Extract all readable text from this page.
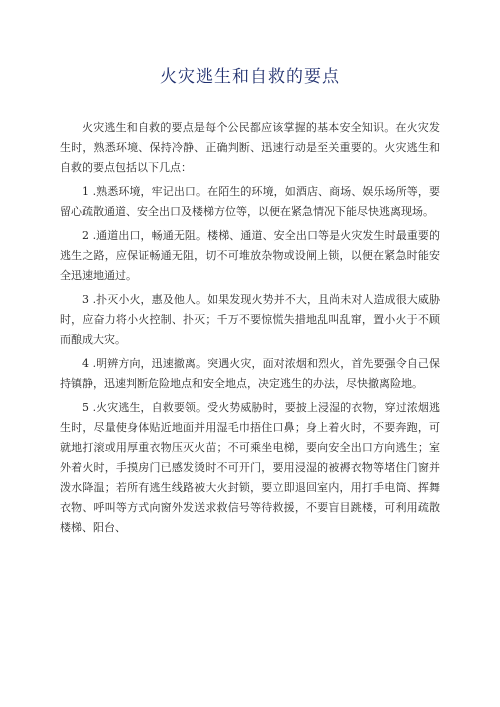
火灾逃生和自救的要点

火灾逃生和自救的要点是每个公民都应该掌握的基本安全知识。在火灾发生时，熟悉环境、保持冷静、正确判断、迅速行动是至关重要的。火灾逃生和自救的要点包括以下几点：

1 .熟悉环境，牢记出口。在陌生的环境，如酒店、商场、娱乐场所等，要留心疏散通道、安全出口及楼梯方位等，以便在紧急情况下能尽快逃离现场。

2 .通道出口，畅通无阻。楼梯、通道、安全出口等是火灾发生时最重要的逃生之路，应保证畅通无阻，切不可堆放杂物或设闸上锁，以便在紧急时能安全迅速地通过。

3 .扑灭小火，惠及他人。如果发现火势并不大，且尚未对人造成很大威胁时，应奋力将小火控制、扑灭；千万不要惊慌失措地乱叫乱窜，置小火于不顾而酿成大灾。

4 .明辨方向，迅速撤离。突遇火灾，面对浓烟和烈火，首先要强令自己保持镇静，迅速判断危险地点和安全地点，决定逃生的办法，尽快撤离险地。

5 .火灾逃生，自救要领。受火势威胁时，要披上浸湿的衣物，穿过浓烟逃生时，尽量使身体贴近地面并用湿毛巾捂住口鼻；身上着火时，不要奔跑，可就地打滚或用厚重衣物压灭火苗；不可乘坐电梯，要向安全出口方向逃生；室外着火时，手摸房门已感发烫时不可开门，要用浸湿的被褥衣物等堵住门窗并泼水降温；若所有逃生线路被大火封锁，要立即退回室内，用打手电筒、挥舞衣物、呼叫等方式向窗外发送求救信号等待救援，不要盲目跳楼，可利用疏散楼梯、阳台、
